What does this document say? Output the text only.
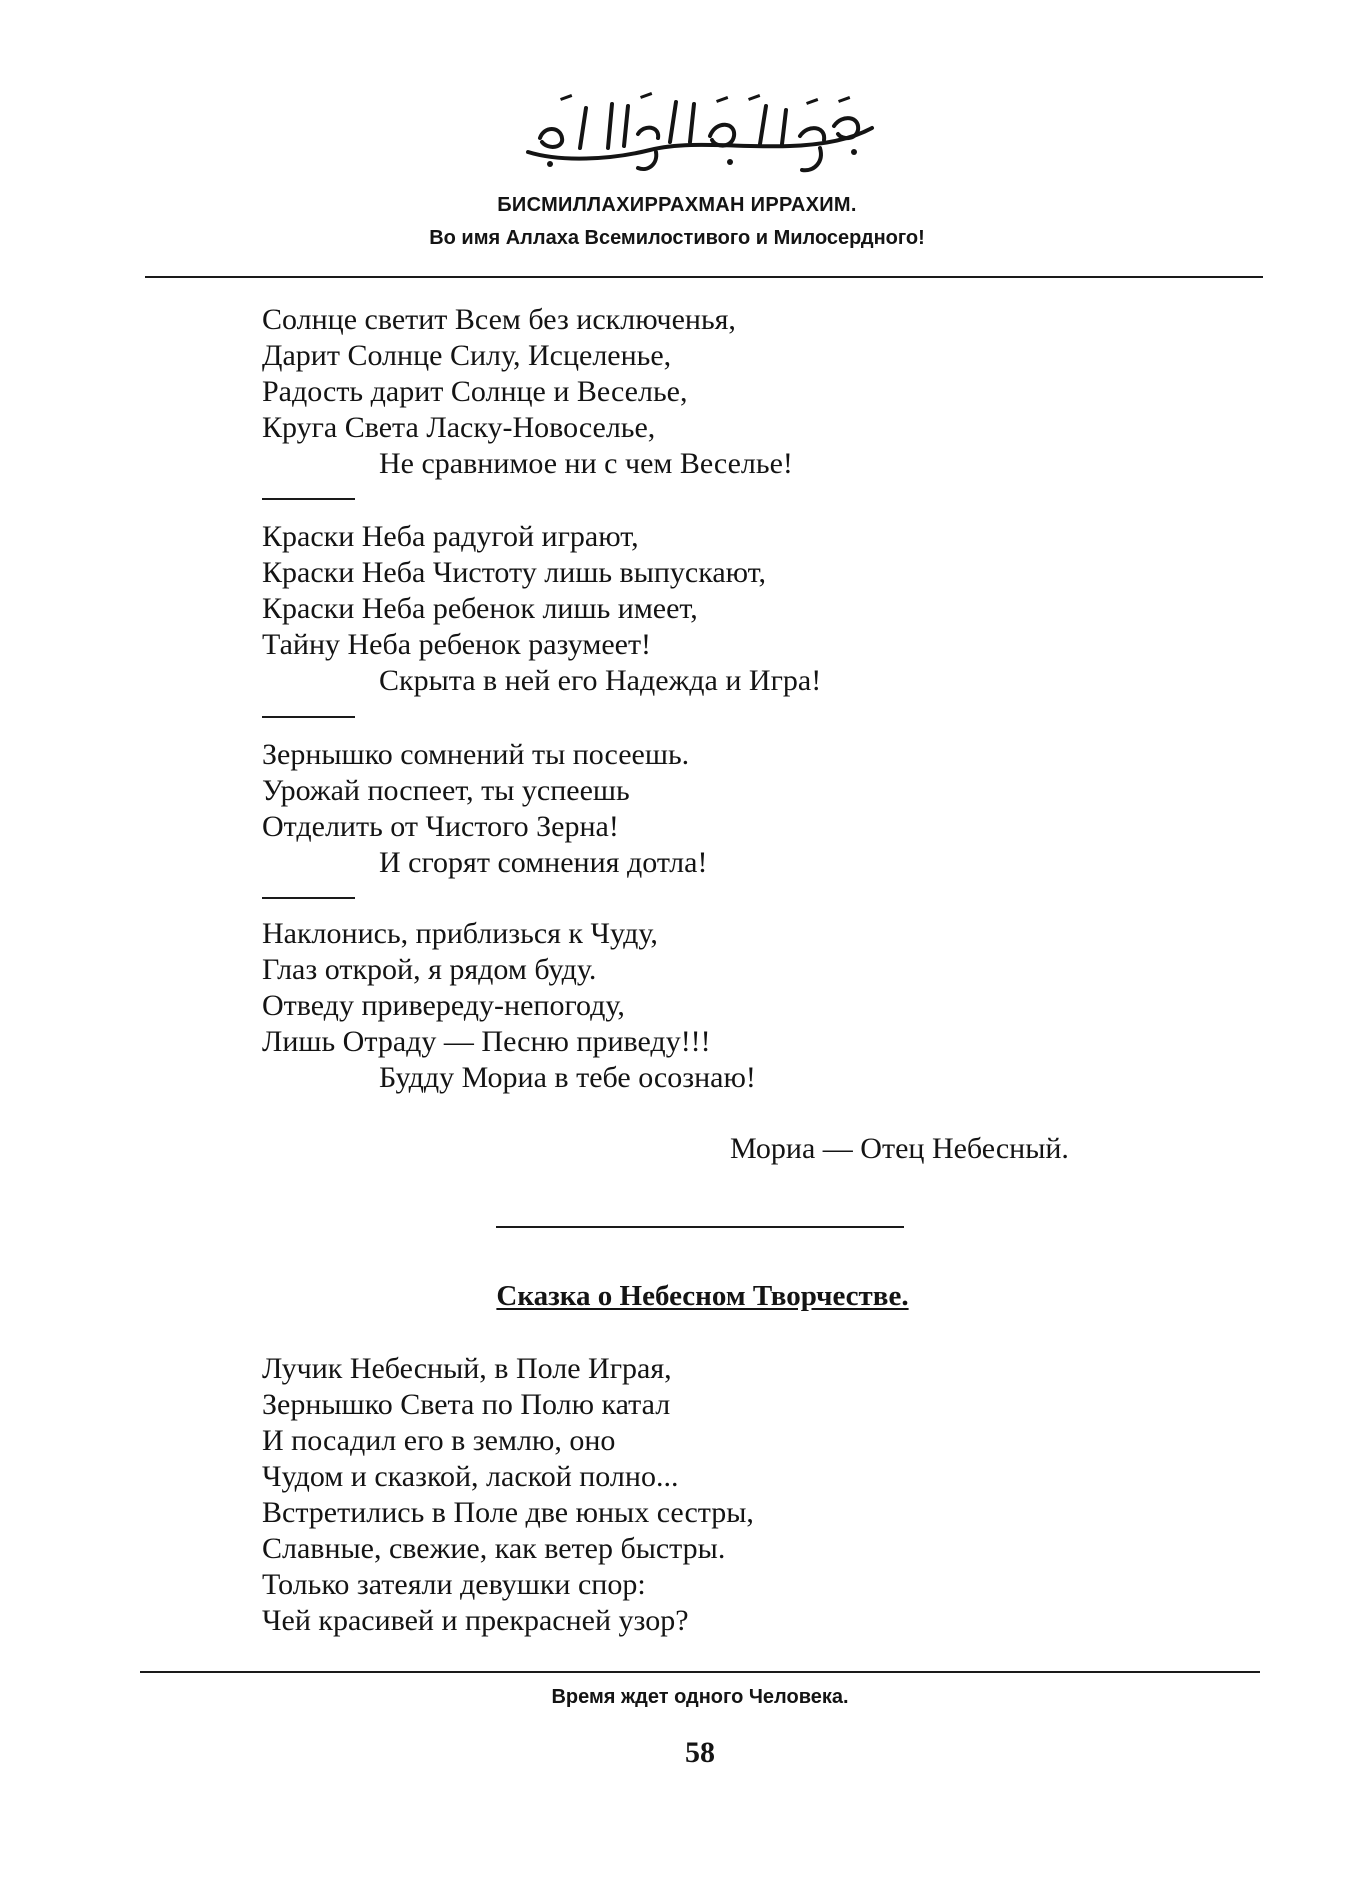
БИСМИЛЛАХИРРАХМАН ИРРАХИМ.
Во имя Аллаха Всемилостивого и Милосердного!
Солнце светит Всем без исключенья,
Дарит Солнце Силу, Исцеленье,
Радость дарит Солнце и Веселье,
Круга Света Ласку-Новоселье,
Не сравнимое ни с чем Веселье!
Краски Неба радугой играют,
Краски Неба Чистоту лишь выпускают,
Краски Неба ребенок лишь имеет,
Тайну Неба ребенок разумеет!
Скрыта в ней его Надежда и Игра!
Зернышко сомнений ты посеешь.
Урожай поспеет, ты успеешь
Отделить от Чистого Зерна!
И сгорят сомнения дотла!
Наклонись, приблизься к Чуду,
Глаз открой, я рядом буду.
Отведу привереду-непогоду,
Лишь Отраду — Песню приведу!!!
Будду Мориа в тебе осознаю!
Мориа — Отец Небесный.
Сказка о Небесном Творчестве.
Лучик Небесный, в Поле Играя,
Зернышко Света по Полю катал
И посадил его в землю, оно
Чудом и сказкой, лаской полно...
Встретились в Поле две юных сестры,
Славные, свежие, как ветер быстры.
Только затеяли девушки спор:
Чей красивей и прекрасней узор?
Время ждет одного Человека.
58
